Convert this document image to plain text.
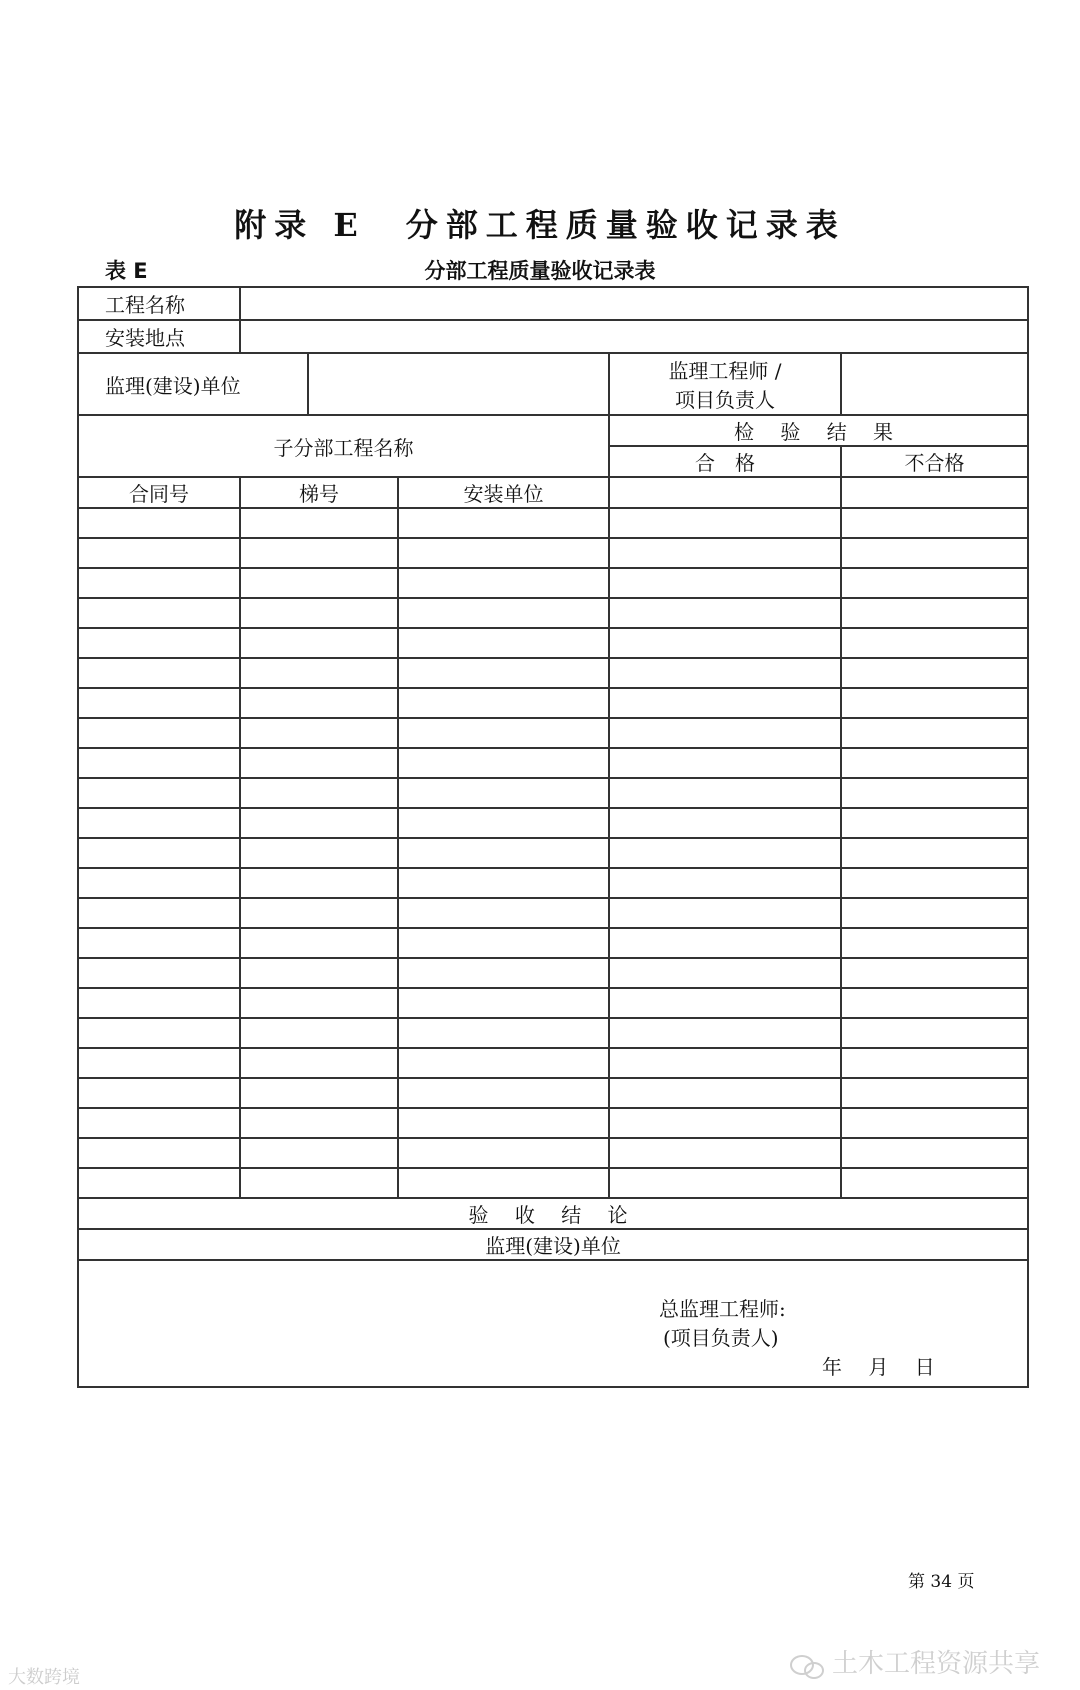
附录 E　分部工程质量验收记录表
表 E	分部工程质量验收记录表
工程名称					
安装地点					
监理(建设)单位				监理工程师 /
项目负责人	

子分部工程名称				检 验 结 果	
				合　格	不合格
合同号	梯号		安装单位		

验 收 结 论					
监理(建设)单位					

总监理工程师:
(项目负责人)
年　 月　 日					
第 34 页
大数跨境	土木工程资源共享
